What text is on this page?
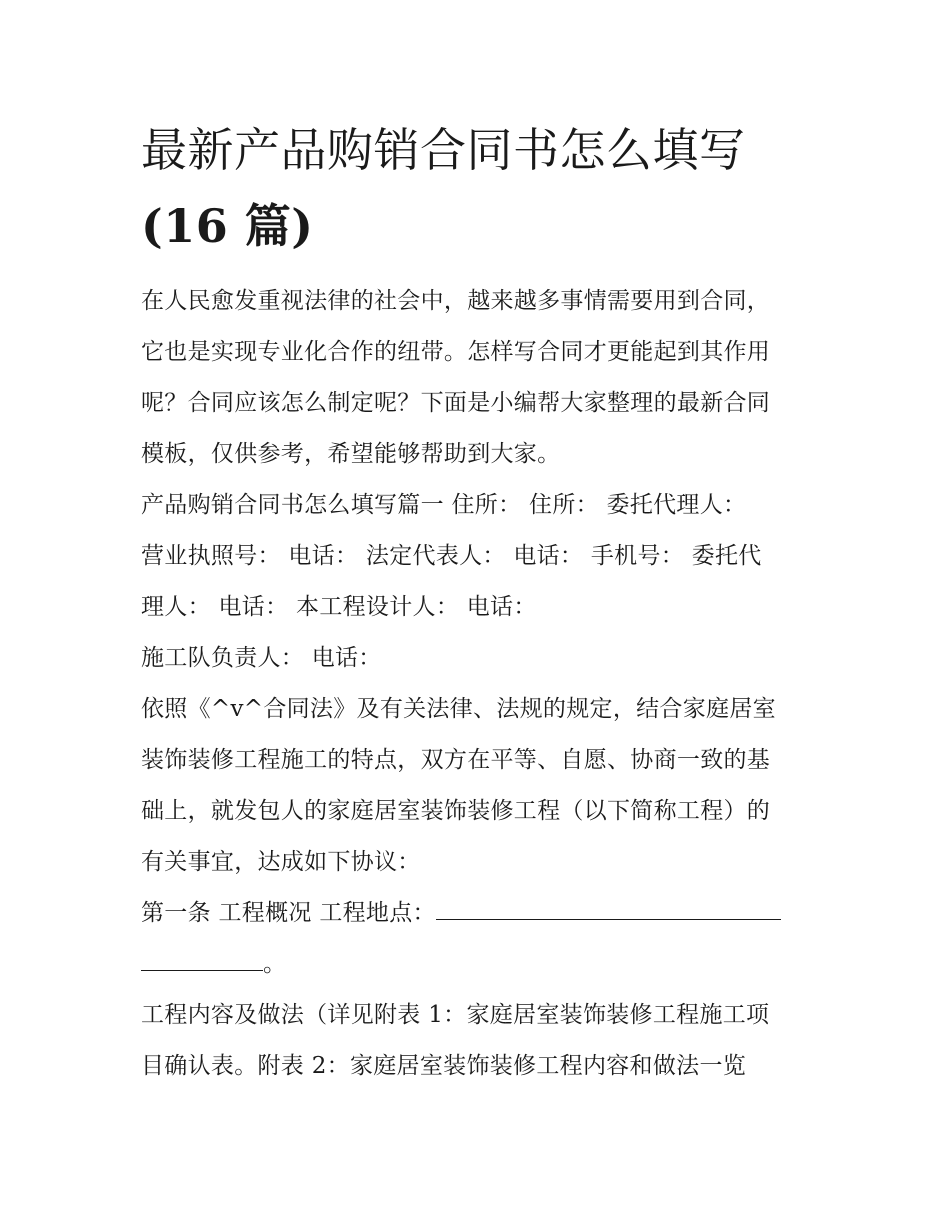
最新产品购销合同书怎么填写
(16 篇)

在人民愈发重视法律的社会中，越来越多事情需要用到合同，

它也是实现专业化合作的纽带。怎样写合同才更能起到其作用

呢？合同应该怎么制定呢？下面是小编帮大家整理的最新合同

模板，仅供参考，希望能够帮助到大家。

产品购销合同书怎么填写篇一 住所： 住所： 委托代理人：

营业执照号： 电话： 法定代表人： 电话： 手机号： 委托代

理人： 电话： 本工程设计人： 电话：

施工队负责人： 电话：

依照《^v^合同法》及有关法律、法规的规定，结合家庭居室

装饰装修工程施工的特点，双方在平等、自愿、协商一致的基

础上，就发包人的家庭居室装饰装修工程（以下简称工程）的

有关事宜，达成如下协议：

第一条 工程概况 工程地点：

。

工程内容及做法（详见附表 1：家庭居室装饰装修工程施工项

目确认表。附表 2：家庭居室装饰装修工程内容和做法一览
